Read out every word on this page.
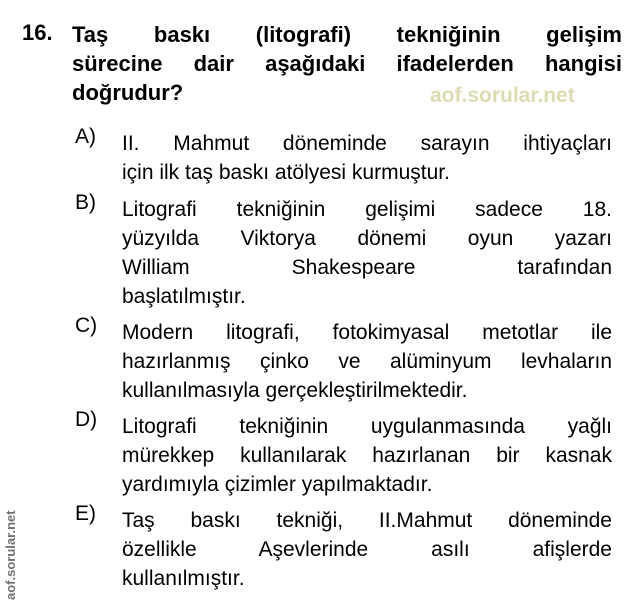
16. Taş baskı (litografi) tekniğinin gelişim
sürecine dair aşağıdaki ifadelerden hangisi
doğrudur?
A) II. Mahmut döneminde sarayın ihtiyaçları
için ilk taş baskı atölyesi kurmuştur.
B) Litografi tekniğinin gelişimi sadece 18.
yüzyılda Viktorya dönemi oyun yazarı
William Shakespeare tarafından
başlatılmıştır.
C) Modern litografi, fotokimyasal metotlar ile
hazırlanmış çinko ve alüminyum levhaların
kullanılmasıyla gerçekleştirilmektedir.
D) Litografi tekniğinin uygulanmasında yağlı
mürekkep kullanılarak hazırlanan bir kasnak
yardımıyla çizimler yapılmaktadır.
E) Taş baskı tekniği, II.Mahmut döneminde
özellikle Aşevlerinde asılı afişlerde
kullanılmıştır.
aof.sorular.net
aof.sorular.net
